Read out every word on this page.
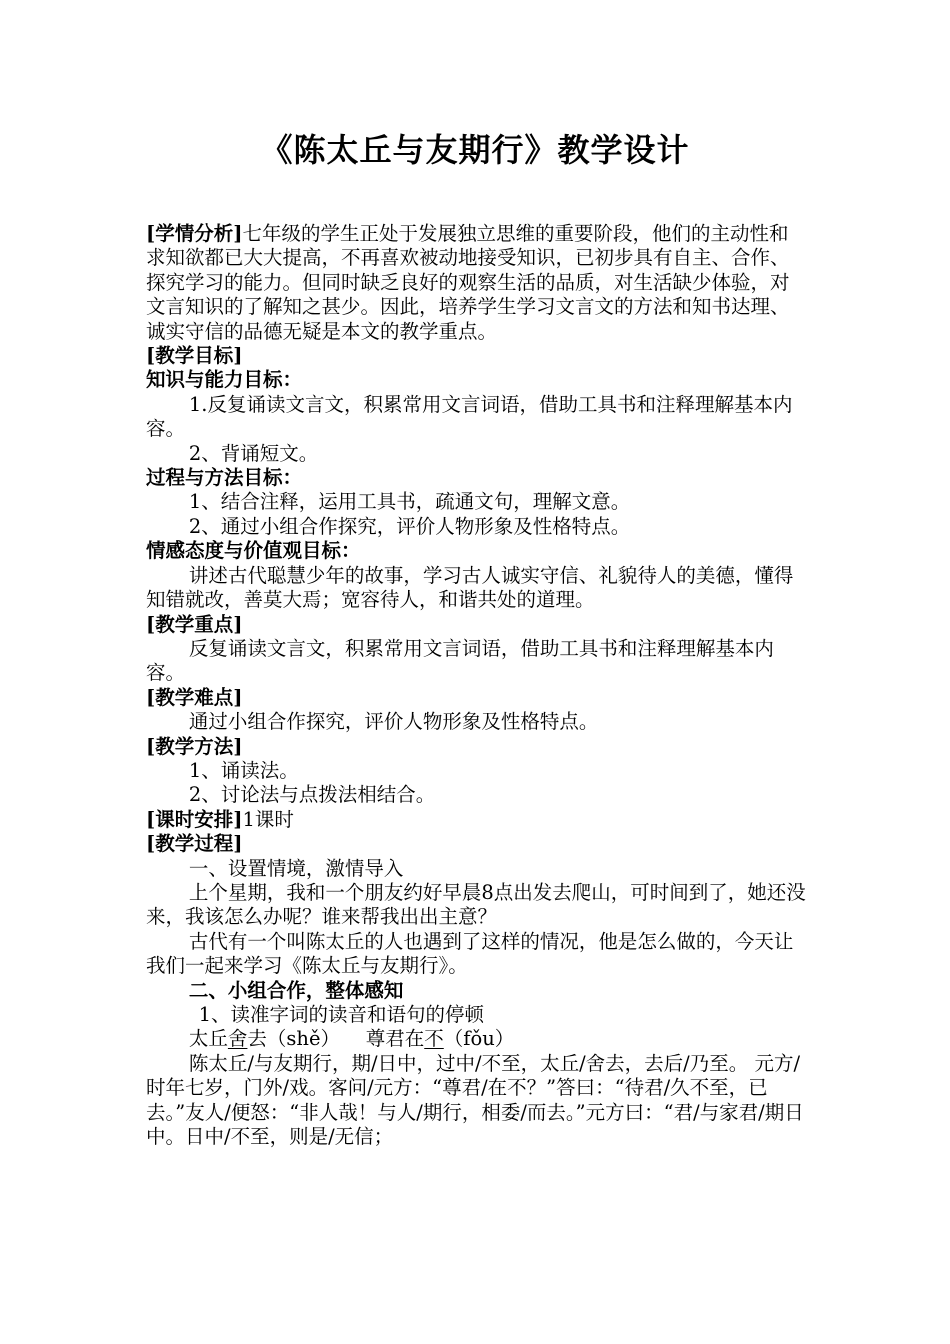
《陈太丘与友期行》教学设计

[学情分析]七年级的学生正处于发展独立思维的重要阶段，他们的主动性和求知欲都已大大提高，不再喜欢被动地接受知识，已初步具有自主、合作、探究学习的能力。但同时缺乏良好的观察生活的品质，对生活缺少体验，对文言知识的了解知之甚少。因此，培养学生学习文言文的方法和知书达理、诚实守信的品德无疑是本文的教学重点。

[教学目标]

知识与能力目标：

1.反复诵读文言文，积累常用文言词语，借助工具书和注释理解基本内容。

2、背诵短文。

过程与方法目标：

1、结合注释，运用工具书，疏通文句，理解文意。

2、通过小组合作探究，评价人物形象及性格特点。

情感态度与价值观目标：

讲述古代聪慧少年的故事，学习古人诚实守信、礼貌待人的美德，懂得知错就改，善莫大焉；宽容待人，和谐共处的道理。

[教学重点]

反复诵读文言文，积累常用文言词语，借助工具书和注释理解基本内容。

[教学难点]

通过小组合作探究，评价人物形象及性格特点。

[教学方法]

1、诵读法。

2、讨论法与点拨法相结合。

[课时安排]1课时

[教学过程]

一、设置情境，激情导入

上个星期，我和一个朋友约好早晨8点出发去爬山，可时间到了，她还没来，我该怎么办呢？谁来帮我出出主意？

古代有一个叫陈太丘的人也遇到了这样的情况，他是怎么做的，今天让我们一起来学习《陈太丘与友期行》。

二、小组合作，整体感知

1、读准字词的读音和语句的停顿

太丘舍去（shě）  尊君在不（fǒu）

陈太丘/与友期行，期/日中，过中/不至，太丘/舍去，去后/乃至。 元方/时年七岁，门外/戏。客问/元方：“尊君/在不？”答曰：“待君/久不至，已去。”友人/便怒：“非人哉！与人/期行，相委/而去。”元方曰：“君/与家君/期日中。日中/不至，则是/无信；
